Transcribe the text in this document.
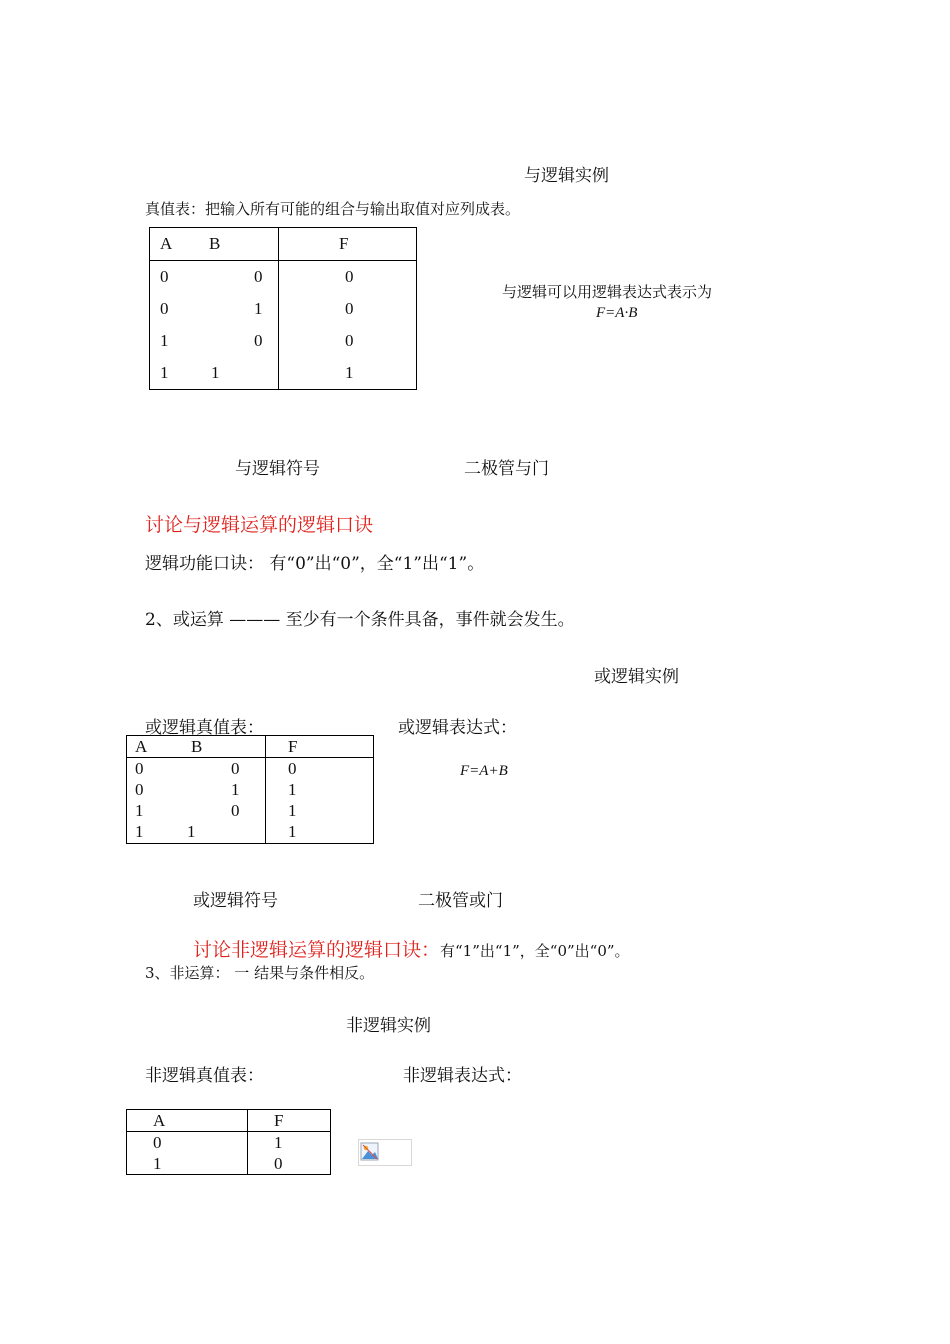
与逻辑实例
真值表：把输入所有可能的组合与输出取值对应列成表。
A B	F

0 0	0

0 1	0

1 0	0

1 1	1
与逻辑可以用逻辑表达式表示为
F=A·B
与逻辑符号	二极管与门
讨论与逻辑运算的逻辑口诀
逻辑功能口诀： 有“0”出“0”，全“1”出“1”。
2、或运算 ——— 至少有一个条件具备，事件就会发生。
或逻辑实例
或逻辑真值表：	或逻辑表达式：
A B	F

0 0	0

0 1	1

1 0	1

1 1	1
F=A+B
或逻辑符号	二极管或门
讨论非逻辑运算的逻辑口诀：有“1”出“1”，全“0”出“0”。
3、非运算： 一 结果与条件相反。
非逻辑实例
非逻辑真值表：	非逻辑表达式：
A	F
0	1
1	0
